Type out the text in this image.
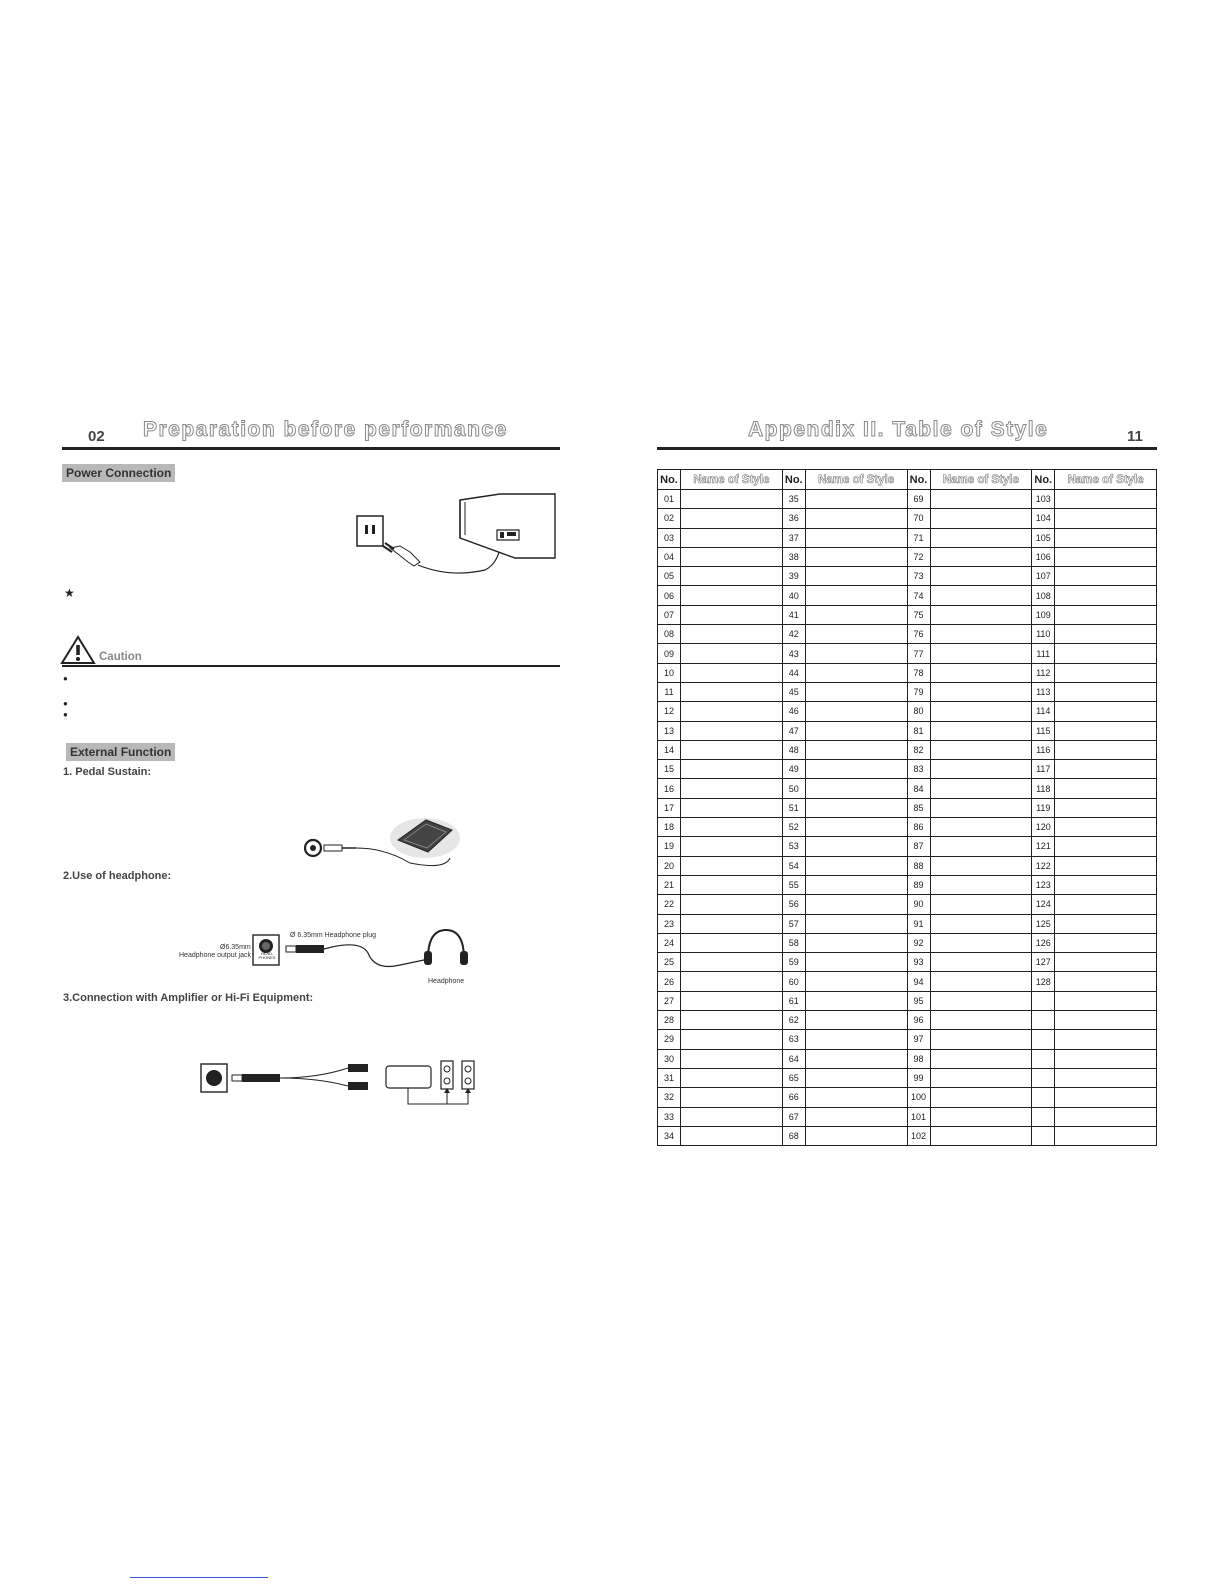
02 Preparation before performance
Power Connection
★
Caution
●
●
●
External Function
1. Pedal Sustain:
2.Use of headphone:
Ø 6.35mm Headphone plug
Ø6.35mm
Headphone output jack	HEAD-PHONES
Headphone
3.Connection with Amplifier or Hi-Fi Equipment:
Appendix II. Table of Style	11
No.	Name of Style	No.	Name of Style	No.	Name of Style	No.	Name of Style
01		35		69		103	
02		36		70		104	
03		37		71		105	
04		38		72		106	
05		39		73		107	
06		40		74		108	
07		41		75		109	
08		42		76		110	
09		43		77		111	
10		44		78		112	
11		45		79		113	
12		46		80		114	
13		47		81		115	
14		48		82		116	
15		49		83		117	
16		50		84		118	
17		51		85		119	
18		52		86		120	
19		53		87		121	
20		54		88		122	
21		55		89		123	
22		56		90		124	
23		57		91		125	
24		58		92		126	
25		59		93		127	
26		60		94		128	
27		61		95			
28		62		96			
29		63		97			
30		64		98			
31		65		99			
32		66		100			
33		67		101			
34		68		102			
